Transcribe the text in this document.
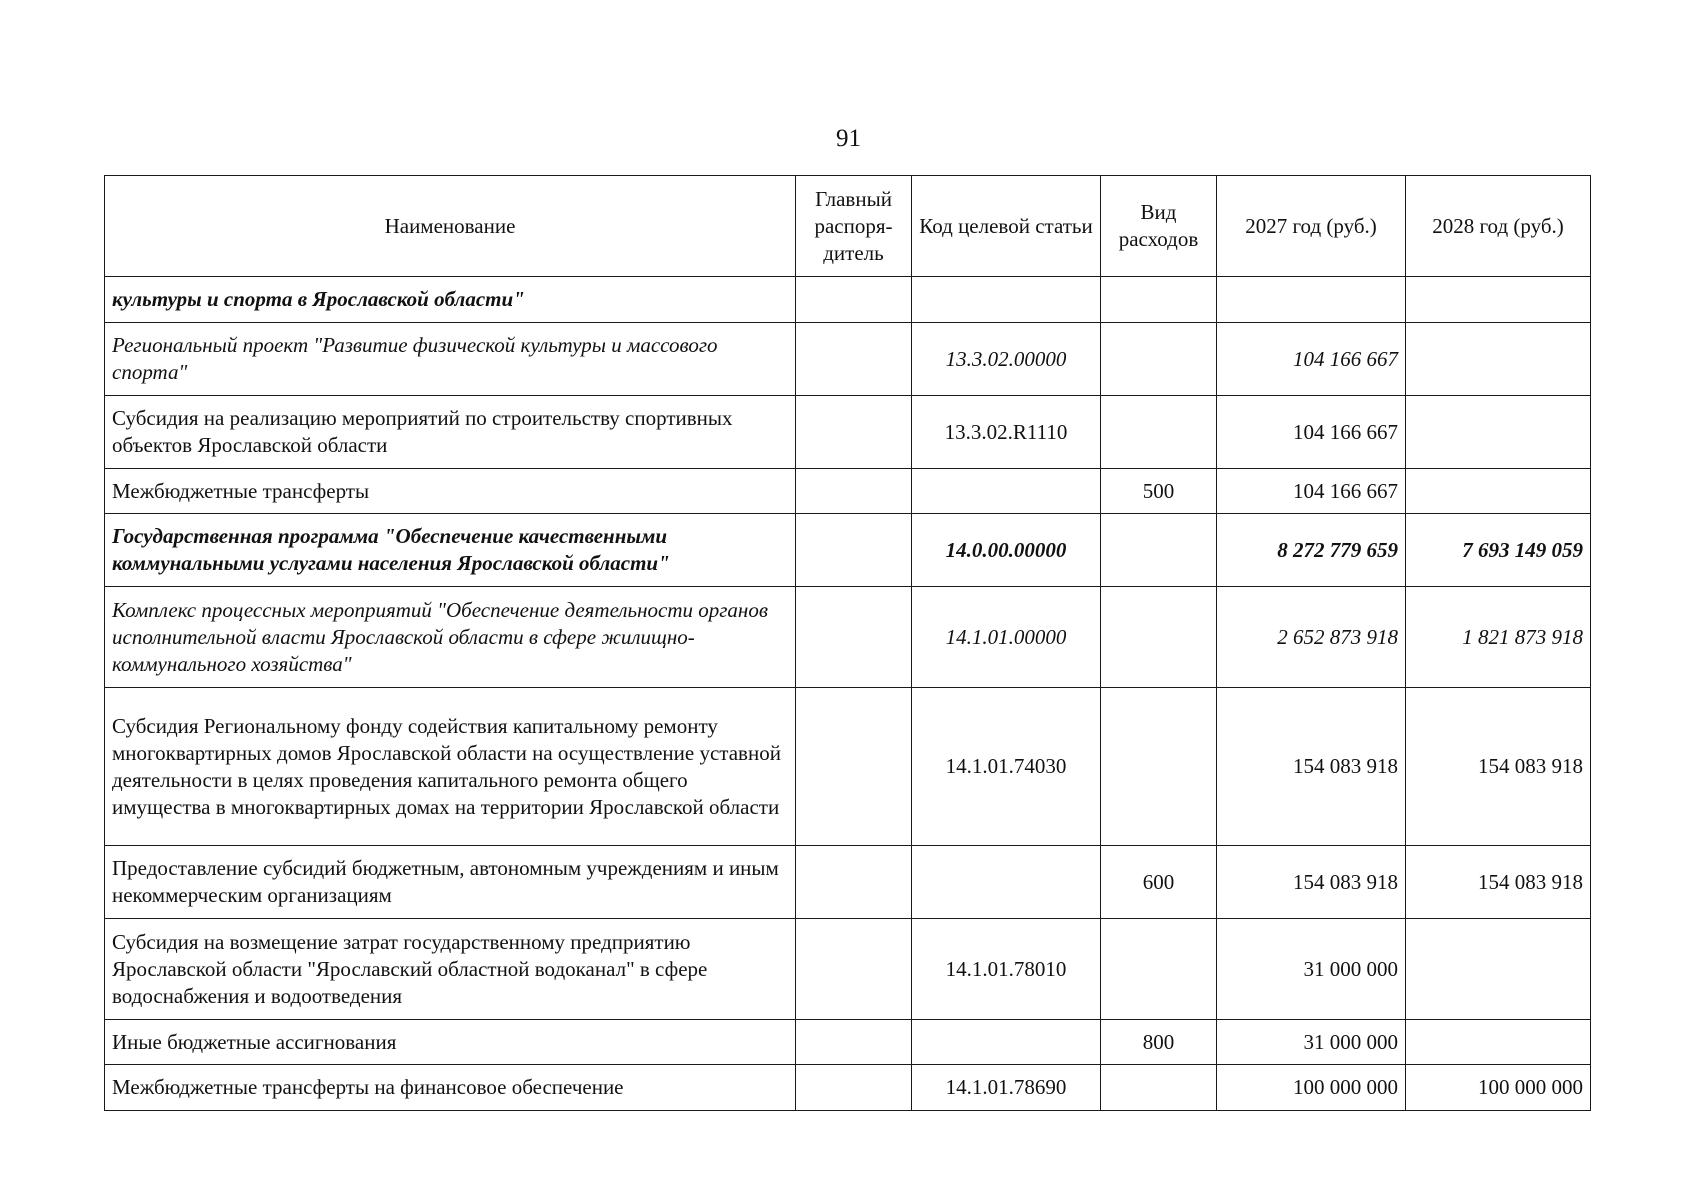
91
Наименование	Главный распоря-дитель	Код целевой статьи	Вид расходов	2027 год (руб.)	2028 год (руб.)
культуры и спорта в Ярославской области"					
Региональный проект "Развитие физической культуры и массового спорта"		13.3.02.00000		104 166 667	
Субсидия на реализацию мероприятий по строительству спортивных объектов Ярославской области		13.3.02.R1110		104 166 667	
Межбюджетные трансферты			500	104 166 667	
Государственная программа "Обеспечение качественными коммунальными услугами населения Ярославской области"		14.0.00.00000		8 272 779 659	7 693 149 059
Комплекс процессных мероприятий "Обеспечение деятельности органов исполнительной власти Ярославской области в сфере жилищно-коммунального хозяйства"		14.1.01.00000		2 652 873 918	1 821 873 918
Субсидия Региональному фонду содействия капитальному ремонту многоквартирных домов Ярославской области на осуществление уставной деятельности в целях проведения капитального ремонта общего имущества в многоквартирных домах на территории Ярославской области		14.1.01.74030		154 083 918	154 083 918
Предоставление субсидий бюджетным, автономным учреждениям и иным некоммерческим организациям			600	154 083 918	154 083 918
Субсидия на возмещение затрат государственному предприятию Ярославской области "Ярославский областной водоканал" в сфере водоснабжения и водоотведения		14.1.01.78010		31 000 000	
Иные бюджетные ассигнования			800	31 000 000	
Межбюджетные трансферты на финансовое обеспечение		14.1.01.78690		100 000 000	100 000 000
